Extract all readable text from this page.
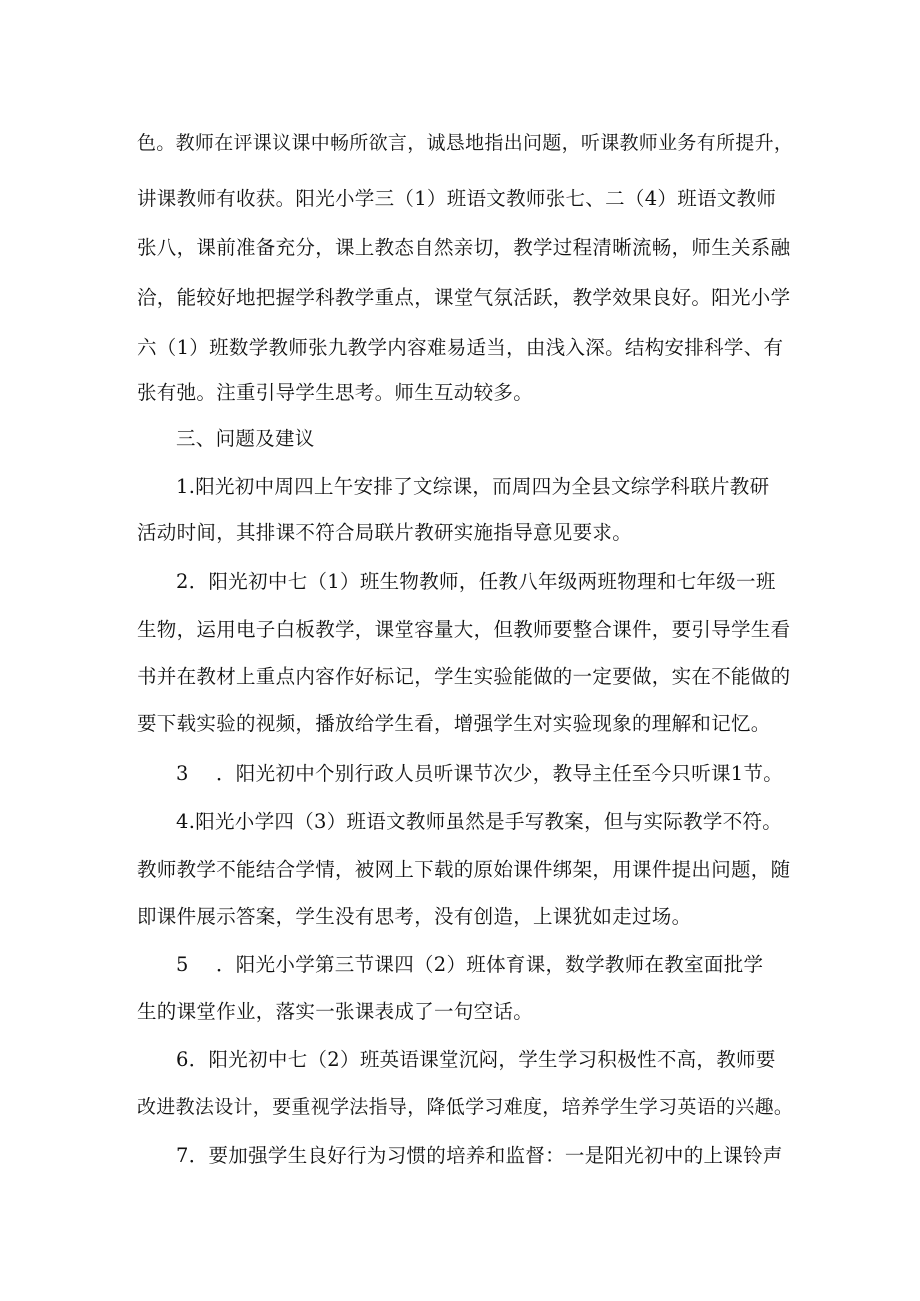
色。教师在评课议课中畅所欲言，诚恳地指出问题，听课教师业务有所提升，
讲课教师有收获。阳光小学三（1）班语文教师张七、二（4）班语文教师
张八，课前准备充分，课上教态自然亲切，教学过程清晰流畅，师生关系融
洽，能较好地把握学科教学重点，课堂气氛活跃，教学效果良好。阳光小学
六（1）班数学教师张九教学内容难易适当，由浅入深。结构安排科学、有
张有弛。注重引导学生思考。师生互动较多。
三、问题及建议
1.阳光初中周四上午安排了文综课，而周四为全县文综学科联片教研
活动时间，其排课不符合局联片教研实施指导意见要求。
2．阳光初中七（1）班生物教师，任教八年级两班物理和七年级一班
生物，运用电子白板教学，课堂容量大，但教师要整合课件，要引导学生看
书并在教材上重点内容作好标记，学生实验能做的一定要做，实在不能做的
要下载实验的视频，播放给学生看，增强学生对实验现象的理解和记忆。
3 ．阳光初中个别行政人员听课节次少，教导主任至今只听课1节。
4.阳光小学四（3）班语文教师虽然是手写教案，但与实际教学不符。
教师教学不能结合学情，被网上下载的原始课件绑架，用课件提出问题，随
即课件展示答案，学生没有思考，没有创造，上课犹如走过场。
5 ．阳光小学第三节课四（2）班体育课，数学教师在教室面批学
生的课堂作业，落实一张课表成了一句空话。
6．阳光初中七（2）班英语课堂沉闷，学生学习积极性不高，教师要
改进教法设计，要重视学法指导，降低学习难度，培养学生学习英语的兴趣。
7．要加强学生良好行为习惯的培养和监督：一是阳光初中的上课铃声
